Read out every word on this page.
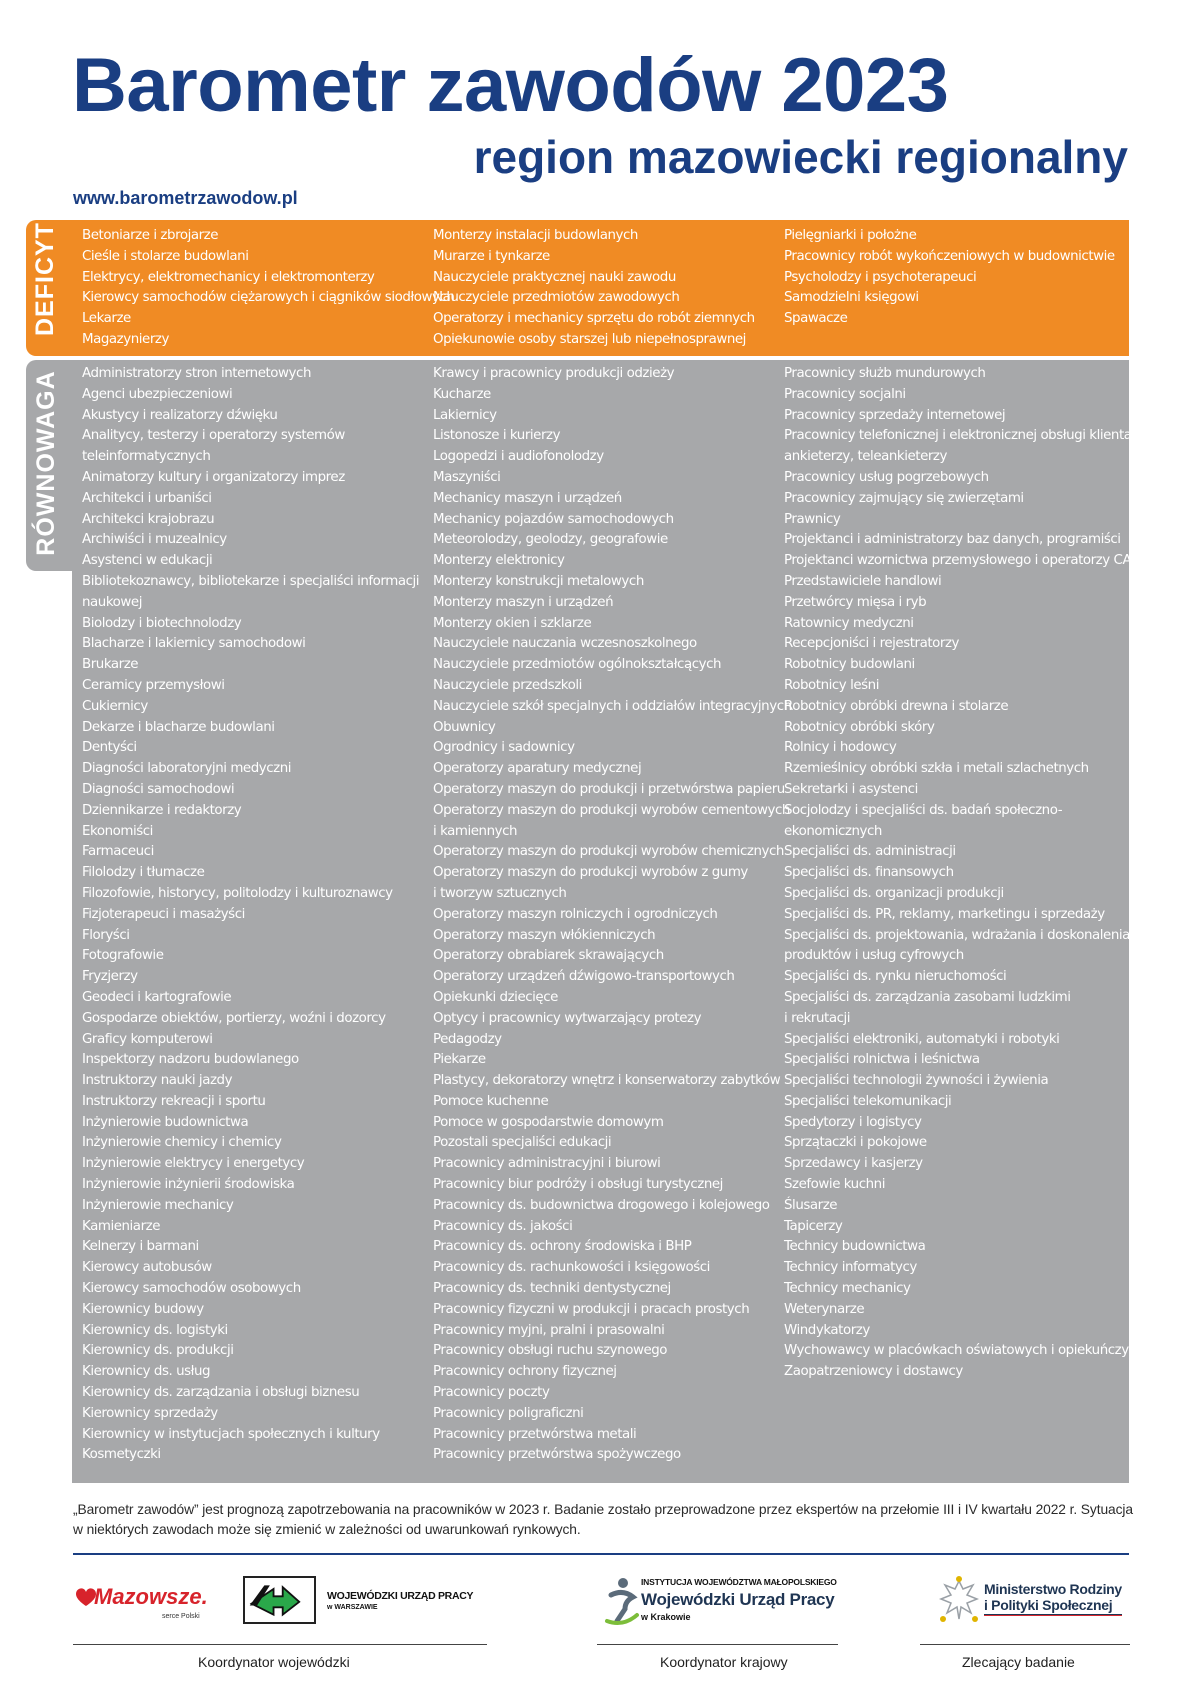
Barometr zawodów 2023
region mazowiecki regionalny
www.barometrzawodow.pl
DEFICYT
RÓWNOWAGA
Betoniarze i zbrojarze
Cieśle i stolarze budowlani
Elektrycy, elektromechanicy i elektromonterzy
Kierowcy samochodów ciężarowych i ciągników siodłowych
Lekarze
Magazynierzy
Monterzy instalacji budowlanych
Murarze i tynkarze
Nauczyciele praktycznej nauki zawodu
Nauczyciele przedmiotów zawodowych
Operatorzy i mechanicy sprzętu do robót ziemnych
Opiekunowie osoby starszej lub niepełnosprawnej
Pielęgniarki i położne
Pracownicy robót wykończeniowych w budownictwie
Psycholodzy i psychoterapeuci
Samodzielni księgowi
Spawacze
Administratorzy stron internetowych
Agenci ubezpieczeniowi
Akustycy i realizatorzy dźwięku
Analitycy, testerzy i operatorzy systemów
teleinformatycznych
Animatorzy kultury i organizatorzy imprez
Architekci i urbaniści
Architekci krajobrazu
Archiwiści i muzealnicy
Asystenci w edukacji
Bibliotekoznawcy, bibliotekarze i specjaliści informacji
naukowej
Biolodzy i biotechnolodzy
Blacharze i lakiernicy samochodowi
Brukarze
Ceramicy przemysłowi
Cukiernicy
Dekarze i blacharze budowlani
Dentyści
Diagności laboratoryjni medyczni
Diagności samochodowi
Dziennikarze i redaktorzy
Ekonomiści
Farmaceuci
Filolodzy i tłumacze
Filozofowie, historycy, politolodzy i kulturoznawcy
Fizjoterapeuci i masażyści
Floryści
Fotografowie
Fryzjerzy
Geodeci i kartografowie
Gospodarze obiektów, portierzy, woźni i dozorcy
Graficy komputerowi
Inspektorzy nadzoru budowlanego
Instruktorzy nauki jazdy
Instruktorzy rekreacji i sportu
Inżynierowie budownictwa
Inżynierowie chemicy i chemicy
Inżynierowie elektrycy i energetycy
Inżynierowie inżynierii środowiska
Inżynierowie mechanicy
Kamieniarze
Kelnerzy i barmani
Kierowcy autobusów
Kierowcy samochodów osobowych
Kierownicy budowy
Kierownicy ds. logistyki
Kierownicy ds. produkcji
Kierownicy ds. usług
Kierownicy ds. zarządzania i obsługi biznesu
Kierownicy sprzedaży
Kierownicy w instytucjach społecznych i kultury
Kosmetyczki
Krawcy i pracownicy produkcji odzieży
Kucharze
Lakiernicy
Listonosze i kurierzy
Logopedzi i audiofonolodzy
Maszyniści
Mechanicy maszyn i urządzeń
Mechanicy pojazdów samochodowych
Meteorolodzy, geolodzy, geografowie
Monterzy elektronicy
Monterzy konstrukcji metalowych
Monterzy maszyn i urządzeń
Monterzy okien i szklarze
Nauczyciele nauczania wczesnoszkolnego
Nauczyciele przedmiotów ogólnokształcących
Nauczyciele przedszkoli
Nauczyciele szkół specjalnych i oddziałów integracyjnych
Obuwnicy
Ogrodnicy i sadownicy
Operatorzy aparatury medycznej
Operatorzy maszyn do produkcji i przetwórstwa papieru
Operatorzy maszyn do produkcji wyrobów cementowych
i kamiennych
Operatorzy maszyn do produkcji wyrobów chemicznych
Operatorzy maszyn do produkcji wyrobów z gumy
i tworzyw sztucznych
Operatorzy maszyn rolniczych i ogrodniczych
Operatorzy maszyn włókienniczych
Operatorzy obrabiarek skrawających
Operatorzy urządzeń dźwigowo-transportowych
Opiekunki dziecięce
Optycy i pracownicy wytwarzający protezy
Pedagodzy
Piekarze
Plastycy, dekoratorzy wnętrz i konserwatorzy zabytków
Pomoce kuchenne
Pomoce w gospodarstwie domowym
Pozostali specjaliści edukacji
Pracownicy administracyjni i biurowi
Pracownicy biur podróży i obsługi turystycznej
Pracownicy ds. budownictwa drogowego i kolejowego
Pracownicy ds. jakości
Pracownicy ds. ochrony środowiska i BHP
Pracownicy ds. rachunkowości i księgowości
Pracownicy ds. techniki dentystycznej
Pracownicy fizyczni w produkcji i pracach prostych
Pracownicy myjni, pralni i prasowalni
Pracownicy obsługi ruchu szynowego
Pracownicy ochrony fizycznej
Pracownicy poczty
Pracownicy poligraficzni
Pracownicy przetwórstwa metali
Pracownicy przetwórstwa spożywczego
Pracownicy służb mundurowych
Pracownicy socjalni
Pracownicy sprzedaży internetowej
Pracownicy telefonicznej i elektronicznej obsługi klienta,
ankieterzy, teleankieterzy
Pracownicy usług pogrzebowych
Pracownicy zajmujący się zwierzętami
Prawnicy
Projektanci i administratorzy baz danych, programiści
Projektanci wzornictwa przemysłowego i operatorzy CAD
Przedstawiciele handlowi
Przetwórcy mięsa i ryb
Ratownicy medyczni
Recepcjoniści i rejestratorzy
Robotnicy budowlani
Robotnicy leśni
Robotnicy obróbki drewna i stolarze
Robotnicy obróbki skóry
Rolnicy i hodowcy
Rzemieślnicy obróbki szkła i metali szlachetnych
Sekretarki i asystenci
Socjolodzy i specjaliści ds. badań społeczno-
ekonomicznych
Specjaliści ds. administracji
Specjaliści ds. finansowych
Specjaliści ds. organizacji produkcji
Specjaliści ds. PR, reklamy, marketingu i sprzedaży
Specjaliści ds. projektowania, wdrażania i doskonalenia
produktów i usług cyfrowych
Specjaliści ds. rynku nieruchomości
Specjaliści ds. zarządzania zasobami ludzkimi
i rekrutacji
Specjaliści elektroniki, automatyki i robotyki
Specjaliści rolnictwa i leśnictwa
Specjaliści technologii żywności i żywienia
Specjaliści telekomunikacji
Spedytorzy i logistycy
Sprzątaczki i pokojowe
Sprzedawcy i kasjerzy
Szefowie kuchni
Ślusarze
Tapicerzy
Technicy budownictwa
Technicy informatycy
Technicy mechanicy
Weterynarze
Windykatorzy
Wychowawcy w placówkach oświatowych i opiekuńczych
Zaopatrzeniowcy i dostawcy

„Barometr zawodów” jest prognozą zapotrzebowania na pracowników w 2023 r. Badanie zostało przeprowadzone przez ekspertów na przełomie III i IV kwartału 2022 r. Sytuacja w niektórych zawodach może się zmienić w zależności od uwarunkowań rynkowych.

Mazowsze.
serce Polski
WOJEWÓDZKI URZĄD PRACY
w WARSZAWIE
INSTYTUCJA WOJEWÓDZTWA MAŁOPOLSKIEGO
Wojewódzki Urząd Pracy
w Krakowie
Ministerstwo Rodziny
i Polityki Społecznej
Koordynator wojewódzki	Koordynator krajowy	Zlecający badanie
